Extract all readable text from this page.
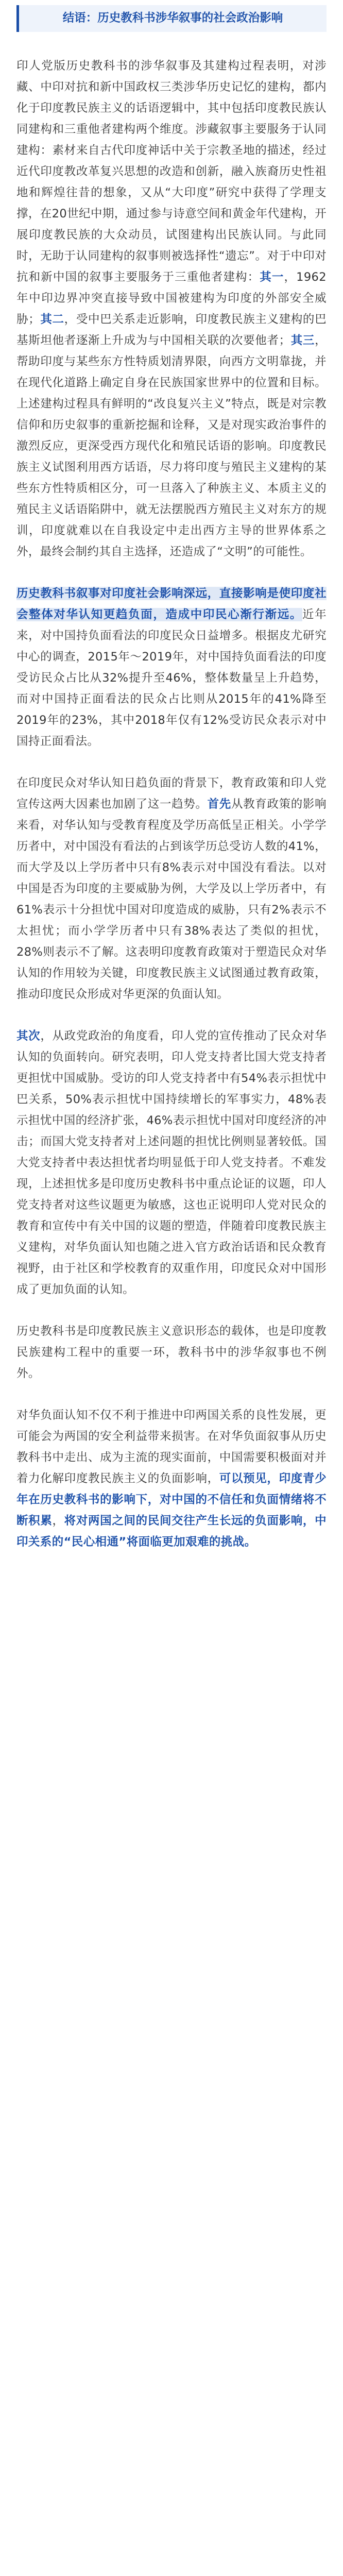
结语：历史教科书涉华叙事的社会政治影响

印人党版历史教科书的涉华叙事及其建构过程表明，对涉藏、中印对抗和新中国政权三类涉华历史记忆的建构，都内化于印度教民族主义的话语逻辑中，其中包括印度教民族认同建构和三重他者建构两个维度。涉藏叙事主要服务于认同建构：素材来自古代印度神话中关于宗教圣地的描述，经过近代印度教改革复兴思想的改造和创新，融入族裔历史性祖地和辉煌往昔的想象，又从“大印度”研究中获得了学理支撑，在20世纪中期，通过参与诗意空间和黄金年代建构，开展印度教民族的大众动员，试图建构出民族认同。与此同时，无助于认同建构的叙事则被选择性“遗忘”。对于中印对抗和新中国的叙事主要服务于三重他者建构：其一，1962年中印边界冲突直接导致中国被建构为印度的外部安全威胁；其二，受中巴关系走近影响，印度教民族主义建构的巴基斯坦他者逐渐上升成为与中国相关联的次要他者；其三，帮助印度与某些东方性特质划清界限，向西方文明靠拢，并在现代化道路上确定自身在民族国家世界中的位置和目标。上述建构过程具有鲜明的“改良复兴主义”特点，既是对宗教信仰和历史叙事的重新挖掘和诠释，又是对现实政治事件的激烈反应，更深受西方现代化和殖民话语的影响。印度教民族主义试图利用西方话语，尽力将印度与殖民主义建构的某些东方性特质相区分，可一旦落入了种族主义、本质主义的殖民主义话语陷阱中，就无法摆脱西方殖民主义对东方的规训，印度就难以在自我设定中走出西方主导的世界体系之外，最终会制约其自主选择，还造成了“文明”的可能性。

历史教科书叙事对印度社会影响深远，直接影响是使印度社会整体对华认知更趋负面，造成中印民心渐行渐远。近年来，对中国持负面看法的印度民众日益增多。根据皮尤研究中心的调查，2015年～2019年，对中国持负面看法的印度受访民众占比从32%提升至46%，整体数量呈上升趋势，而对中国持正面看法的民众占比则从2015年的41%降至2019年的23%，其中2018年仅有12%受访民众表示对中国持正面看法。

在印度民众对华认知日趋负面的背景下，教育政策和印人党宣传这两大因素也加剧了这一趋势。首先从教育政策的影响来看，对华认知与受教育程度及学历高低呈正相关。小学学历者中，对中国没有看法的占到该学历总受访人数的41%，而大学及以上学历者中只有8%表示对中国没有看法。以对中国是否为印度的主要威胁为例，大学及以上学历者中，有61%表示十分担忧中国对印度造成的威胁，只有2%表示不太担忧；而小学学历者中只有38%表达了类似的担忧，28%则表示不了解。这表明印度教育政策对于塑造民众对华认知的作用较为关键，印度教民族主义试图通过教育政策，推动印度民众形成对华更深的负面认知。

其次，从政党政治的角度看，印人党的宣传推动了民众对华认知的负面转向。研究表明，印人党支持者比国大党支持者更担忧中国威胁。受访的印人党支持者中有54%表示担忧中巴关系，50%表示担忧中国持续增长的军事实力，48%表示担忧中国的经济扩张，46%表示担忧中国对印度经济的冲击；而国大党支持者对上述问题的担忧比例则显著较低。国大党支持者中表达担忧者均明显低于印人党支持者。不难发现，上述担忧多是印度历史教科书中重点论证的议题，印人党支持者对这些议题更为敏感，这也正说明印人党对民众的教育和宣传中有关中国的议题的塑造，伴随着印度教民族主义建构，对华负面认知也随之进入官方政治话语和民众教育视野，由于社区和学校教育的双重作用，印度民众对中国形成了更加负面的认知。

历史教科书是印度教民族主义意识形态的载体，也是印度教民族建构工程中的重要一环，教科书中的涉华叙事也不例外。

对华负面认知不仅不利于推进中印两国关系的良性发展，更可能会为两国的安全利益带来损害。在对华负面叙事从历史教科书中走出、成为主流的现实面前，中国需要积极面对并着力化解印度教民族主义的负面影响，可以预见，印度青少年在历史教科书的影响下，对中国的不信任和负面情绪将不断积累，将对两国之间的民间交往产生长远的负面影响，中印关系的“民心相通”将面临更加艰难的挑战。
